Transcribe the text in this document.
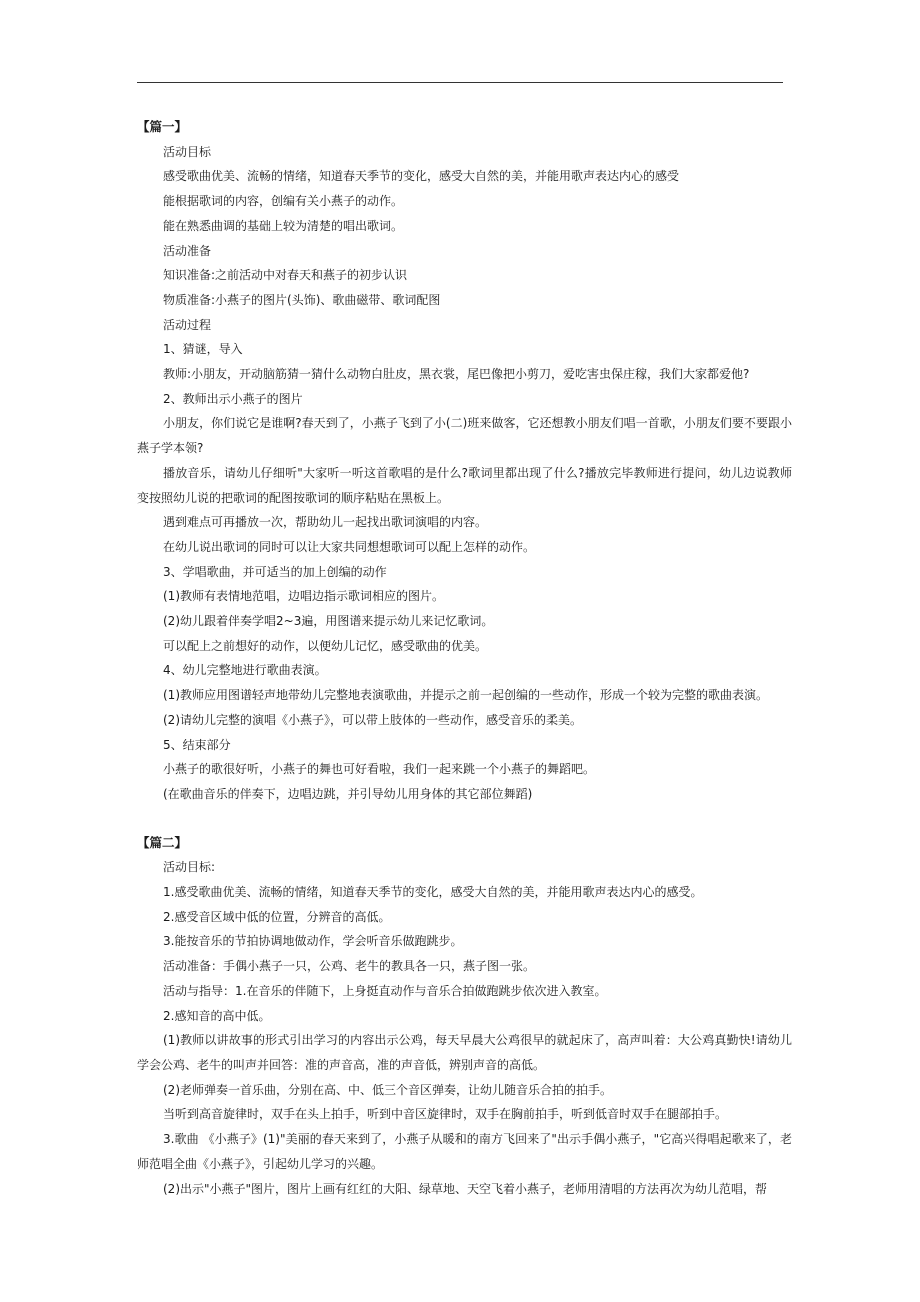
【篇一】

活动目标

感受歌曲优美、流畅的情绪，知道春天季节的变化，感受大自然的美，并能用歌声表达内心的感受

能根据歌词的内容，创编有关小燕子的动作。

能在熟悉曲调的基础上较为清楚的唱出歌词。

活动准备

知识准备:之前活动中对春天和燕子的初步认识

物质准备:小燕子的图片(头饰)、歌曲磁带、歌词配图

活动过程

1、猜谜，导入

教师:小朋友，开动脑筋猜一猜什么动物白肚皮，黑衣裳，尾巴像把小剪刀，爱吃害虫保庄稼，我们大家都爱他?

2、教师出示小燕子的图片

小朋友，你们说它是谁啊?春天到了，小燕子飞到了小(二)班来做客，它还想教小朋友们唱一首歌，小朋友们要不要跟小燕子学本领?

播放音乐，请幼儿仔细听"大家听一听这首歌唱的是什么?歌词里都出现了什么?播放完毕教师进行提问，幼儿边说教师变按照幼儿说的把歌词的配图按歌词的顺序粘贴在黑板上。

遇到难点可再播放一次，帮助幼儿一起找出歌词演唱的内容。

在幼儿说出歌词的同时可以让大家共同想想歌词可以配上怎样的动作。

3、学唱歌曲，并可适当的加上创编的动作

(1)教师有表情地范唱，边唱边指示歌词相应的图片。

(2)幼儿跟着伴奏学唱2~3遍，用图谱来提示幼儿来记忆歌词。

可以配上之前想好的动作，以便幼儿记忆，感受歌曲的优美。

4、幼儿完整地进行歌曲表演。

(1)教师应用图谱轻声地带幼儿完整地表演歌曲，并提示之前一起创编的一些动作，形成一个较为完整的歌曲表演。

(2)请幼儿完整的演唱《小燕子》，可以带上肢体的一些动作，感受音乐的柔美。

5、结束部分

小燕子的歌很好听，小燕子的舞也可好看啦，我们一起来跳一个小燕子的舞蹈吧。

(在歌曲音乐的伴奏下，边唱边跳，并引导幼儿用身体的其它部位舞蹈)

【篇二】

活动目标:

1.感受歌曲优美、流畅的情绪，知道春天季节的变化，感受大自然的美，并能用歌声表达内心的感受。

2.感受音区域中低的位置，分辨音的高低。

3.能按音乐的节拍协调地做动作，学会听音乐做跑跳步。

活动准备：手偶小燕子一只，公鸡、老牛的教具各一只，燕子图一张。

活动与指导：1.在音乐的伴随下，上身挺直动作与音乐合拍做跑跳步依次进入教室。

2.感知音的高中低。

(1)教师以讲故事的形式引出学习的内容出示公鸡，每天早晨大公鸡很早的就起床了，高声叫着：大公鸡真勤快!请幼儿学会公鸡、老牛的叫声并回答：准的声音高，准的声音低，辨别声音的高低。

(2)老师弹奏一首乐曲，分别在高、中、低三个音区弹奏，让幼儿随音乐合拍的拍手。

当听到高音旋律时，双手在头上拍手，听到中音区旋律时，双手在胸前拍手，听到低音时双手在腿部拍手。

3.歌曲 《小燕子》(1)"美丽的春天来到了，小燕子从暖和的南方飞回来了"出示手偶小燕子，"它高兴得唱起歌来了，老师范唱全曲《小燕子》，引起幼儿学习的兴趣。

(2)出示"小燕子"图片，图片上画有红红的大阳、绿草地、天空飞着小燕子，老师用清唱的方法再次为幼儿范唱，帮
